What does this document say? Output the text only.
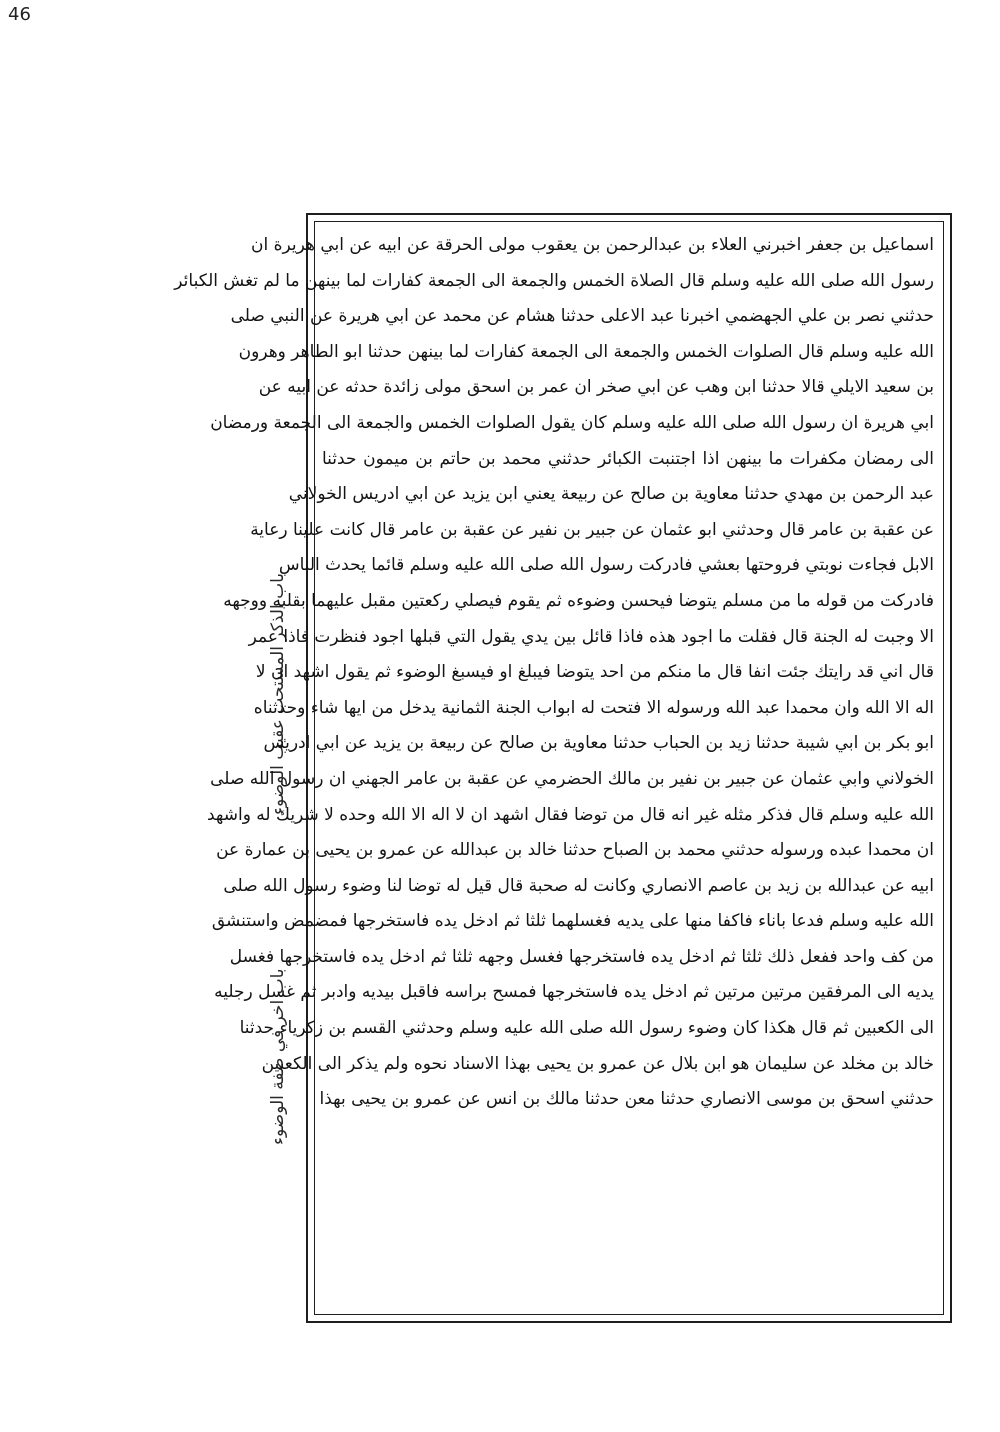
46
باب الذكر المستحب عقيب الوضوء
باب اخر في صفة الوضوء
اسماعيل بن جعفر اخبرني العلاء بن عبدالرحمن بن يعقوب مولى الحرقة عن ابيه عن ابي هريرة ان
رسول الله صلى الله عليه وسلم قال الصلاة الخمس والجمعة الى الجمعة كفارات لما بينهن ما لم تغش الكبائر
حدثني نصر بن علي الجهضمي اخبرنا عبد الاعلى حدثنا هشام عن محمد عن ابي هريرة عن النبي صلى
الله عليه وسلم قال الصلوات الخمس والجمعة الى الجمعة كفارات لما بينهن حدثنا ابو الطاهر وهرون
بن سعيد الايلي قالا حدثنا ابن وهب عن ابي صخر ان عمر بن اسحق مولى زائدة حدثه عن ابيه عن
ابي هريرة ان رسول الله صلى الله عليه وسلم كان يقول الصلوات الخمس والجمعة الى الجمعة ورمضان
الى رمضان مكفرات ما بينهن اذا اجتنبت الكبائر حدثني محمد بن حاتم بن ميمون حدثنا
عبد الرحمن بن مهدي حدثنا معاوية بن صالح عن ربيعة يعني ابن يزيد عن ابي ادريس الخولاني
عن عقبة بن عامر قال وحدثني ابو عثمان عن جبير بن نفير عن عقبة بن عامر قال كانت علينا رعاية
الابل فجاءت نوبتي فروحتها بعشي فادركت رسول الله صلى الله عليه وسلم قائما يحدث الناس
فادركت من قوله ما من مسلم يتوضا فيحسن وضوءه ثم يقوم فيصلي ركعتين مقبل عليهما بقلبه ووجهه
الا وجبت له الجنة قال فقلت ما اجود هذه فاذا قائل بين يدي يقول التي قبلها اجود فنظرت فاذا عمر
قال اني قد رايتك جئت انفا قال ما منكم من احد يتوضا فيبلغ او فيسبغ الوضوء ثم يقول اشهد ان لا
اله الا الله وان محمدا عبد الله ورسوله الا فتحت له ابواب الجنة الثمانية يدخل من ايها شاء وحدثناه
ابو بكر بن ابي شيبة حدثنا زيد بن الحباب حدثنا معاوية بن صالح عن ربيعة بن يزيد عن ابي ادريس
الخولاني وابي عثمان عن جبير بن نفير بن مالك الحضرمي عن عقبة بن عامر الجهني ان رسول الله صلى
الله عليه وسلم قال فذكر مثله غير انه قال من توضا فقال اشهد ان لا اله الا الله وحده لا شريك له واشهد
ان محمدا عبده ورسوله حدثني محمد بن الصباح حدثنا خالد بن عبدالله عن عمرو بن يحيى بن عمارة عن
ابيه عن عبدالله بن زيد بن عاصم الانصاري وكانت له صحبة قال قيل له توضا لنا وضوء رسول الله صلى
الله عليه وسلم فدعا باناء فاكفا منها على يديه فغسلهما ثلثا ثم ادخل يده فاستخرجها فمضمض واستنشق
من كف واحد ففعل ذلك ثلثا ثم ادخل يده فاستخرجها فغسل وجهه ثلثا ثم ادخل يده فاستخرجها فغسل
يديه الى المرفقين مرتين مرتين ثم ادخل يده فاستخرجها فمسح براسه فاقبل بيديه وادبر ثم غسل رجليه
الى الكعبين ثم قال هكذا كان وضوء رسول الله صلى الله عليه وسلم وحدثني القسم بن زكرياء حدثنا
خالد بن مخلد عن سليمان هو ابن بلال عن عمرو بن يحيى بهذا الاسناد نحوه ولم يذكر الى الكعبين
حدثني اسحق بن موسى الانصاري حدثنا معن حدثنا مالك بن انس عن عمرو بن يحيى بهذا
